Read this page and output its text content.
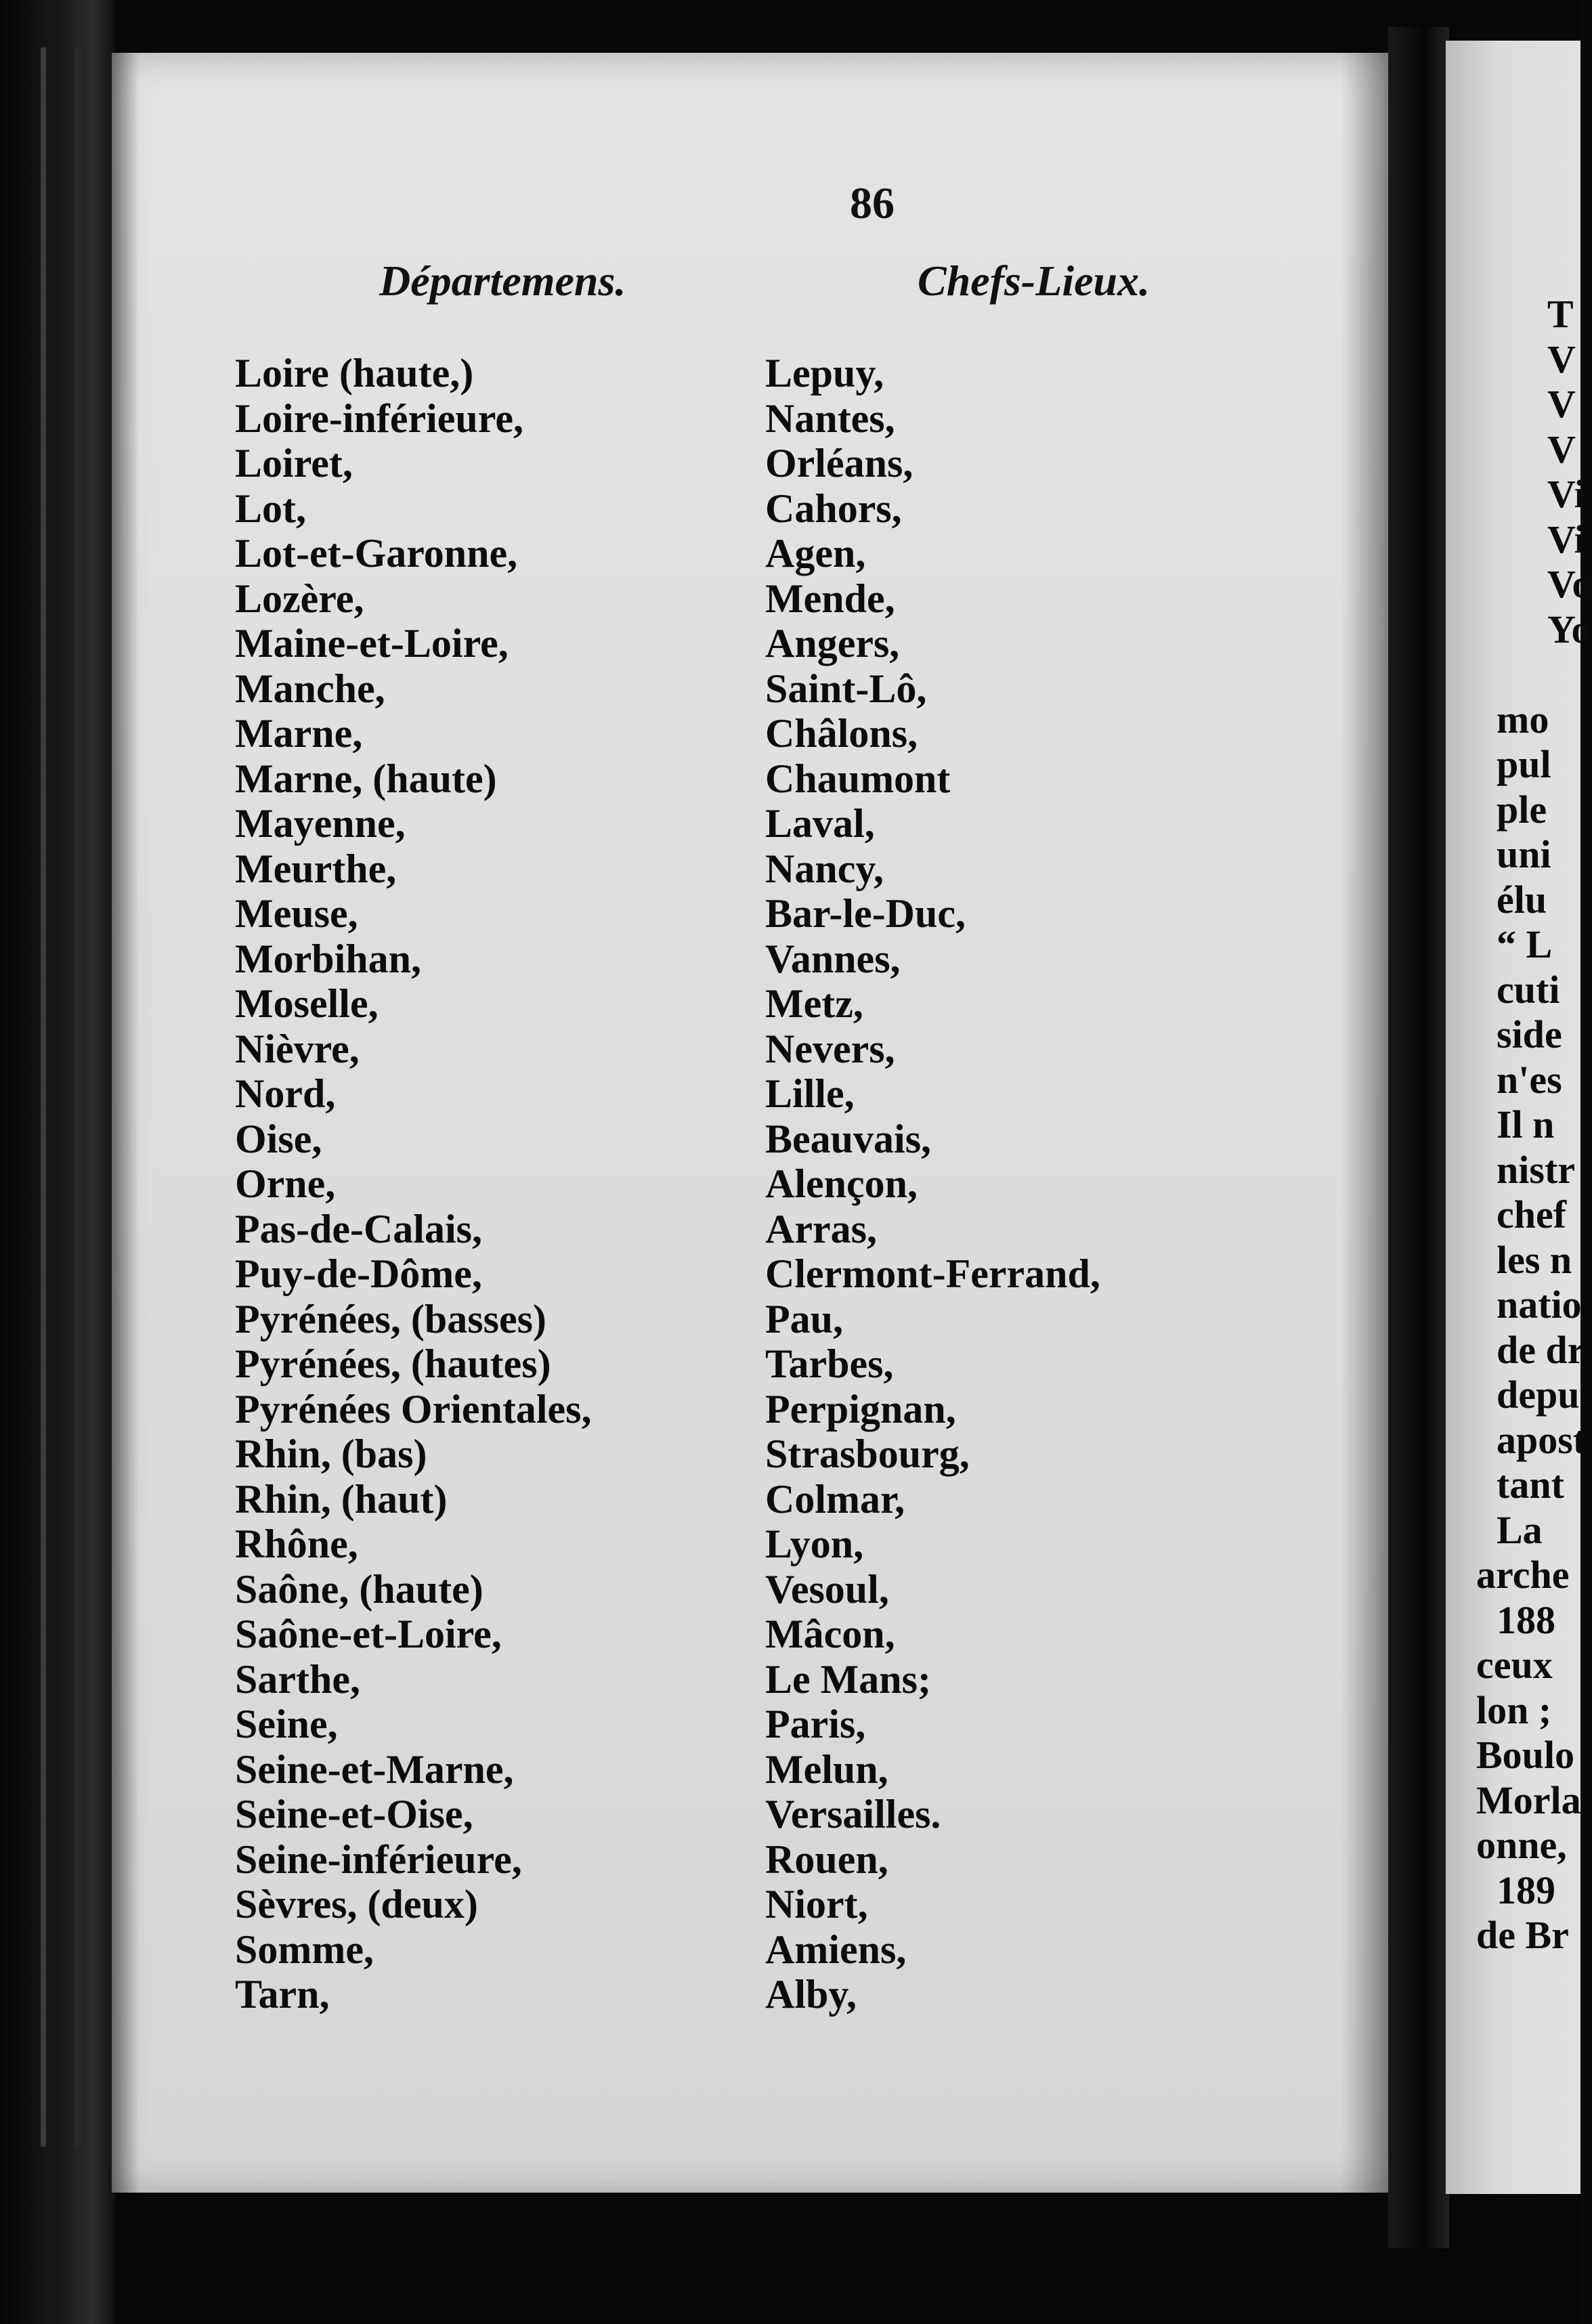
86
Départemens.	Chefs-Lieux.
Loire (haute,)
Loire-inférieure,
Loiret,
Lot,
Lot-et-Garonne,
Lozère,
Maine-et-Loire,
Manche,
Marne,
Marne, (haute)
Mayenne,
Meurthe,
Meuse,
Morbihan,
Moselle,
Nièvre,
Nord,
Oise,
Orne,
Pas-de-Calais,
Puy-de-Dôme,
Pyrénées, (basses)
Pyrénées, (hautes)
Pyrénées Orientales,
Rhin, (bas)
Rhin, (haut)
Rhône,
Saône, (haute)
Saône-et-Loire,
Sarthe,
Seine,
Seine-et-Marne,
Seine-et-Oise,
Seine-inférieure,
Sèvres, (deux)
Somme,
Tarn,
Lepuy,
Nantes,
Orléans,
Cahors,
Agen,
Mende,
Angers,
Saint-Lô,
Châlons,
Chaumont
Laval,
Nancy,
Bar-le-Duc,
Vannes,
Metz,
Nevers,
Lille,
Beauvais,
Alençon,
Arras,
Clermont-Ferrand,
Pau,
Tarbes,
Perpignan,
Strasbourg,
Colmar,
Lyon,
Vesoul,
Mâcon,
Le Mans;
Paris,
Melun,
Versailles.
Rouen,
Niort,
Amiens,
Alby,
T
V
V
V
Vi
Vi
Vo
Yo
mo
pul
ple
uni
élu
“ L
cuti
side
n'es
Il n
nistr
chef
les n
natio
de dr
depu
apost
tant
La
arche
188
ceux
lon ;
Boulo
Morla
onne,
189
de Br
